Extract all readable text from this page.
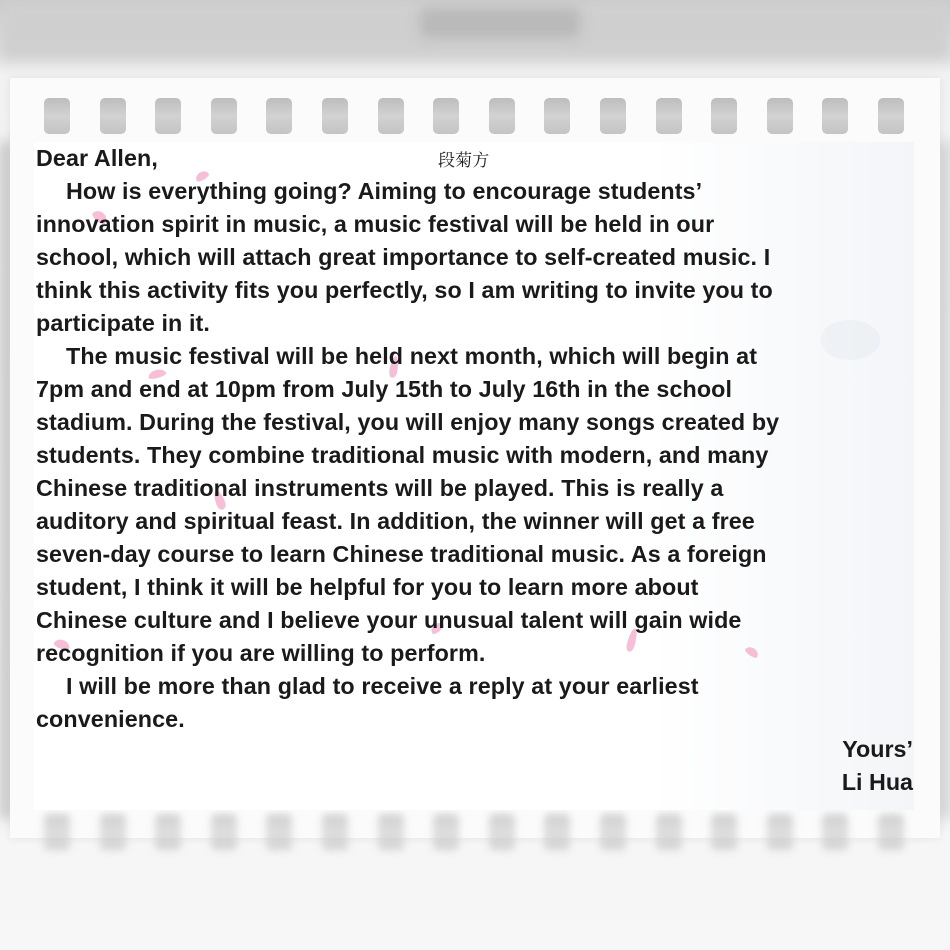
Dear Allen,	段菊方
How is everything going? Aiming to encourage students’
innovation spirit in music, a music festival will be held in our
school, which will attach great importance to self-created music. I
think this activity fits you perfectly, so I am writing to invite you to
participate in it.
The music festival will be held next month, which will begin at
7pm and end at 10pm from July 15th to July 16th in the school
stadium. During the festival, you will enjoy many songs created by
students. They combine traditional music with modern, and many
Chinese traditional instruments will be played. This is really a
auditory and spiritual feast. In addition, the winner will get a free
seven-day course to learn Chinese traditional music. As a foreign
student, I think it will be helpful for you to learn more about
Chinese culture and I believe your unusual talent will gain wide
recognition if you are willing to perform.
I will be more than glad to receive a reply at your earliest
convenience.
Yours’
Li Hua
